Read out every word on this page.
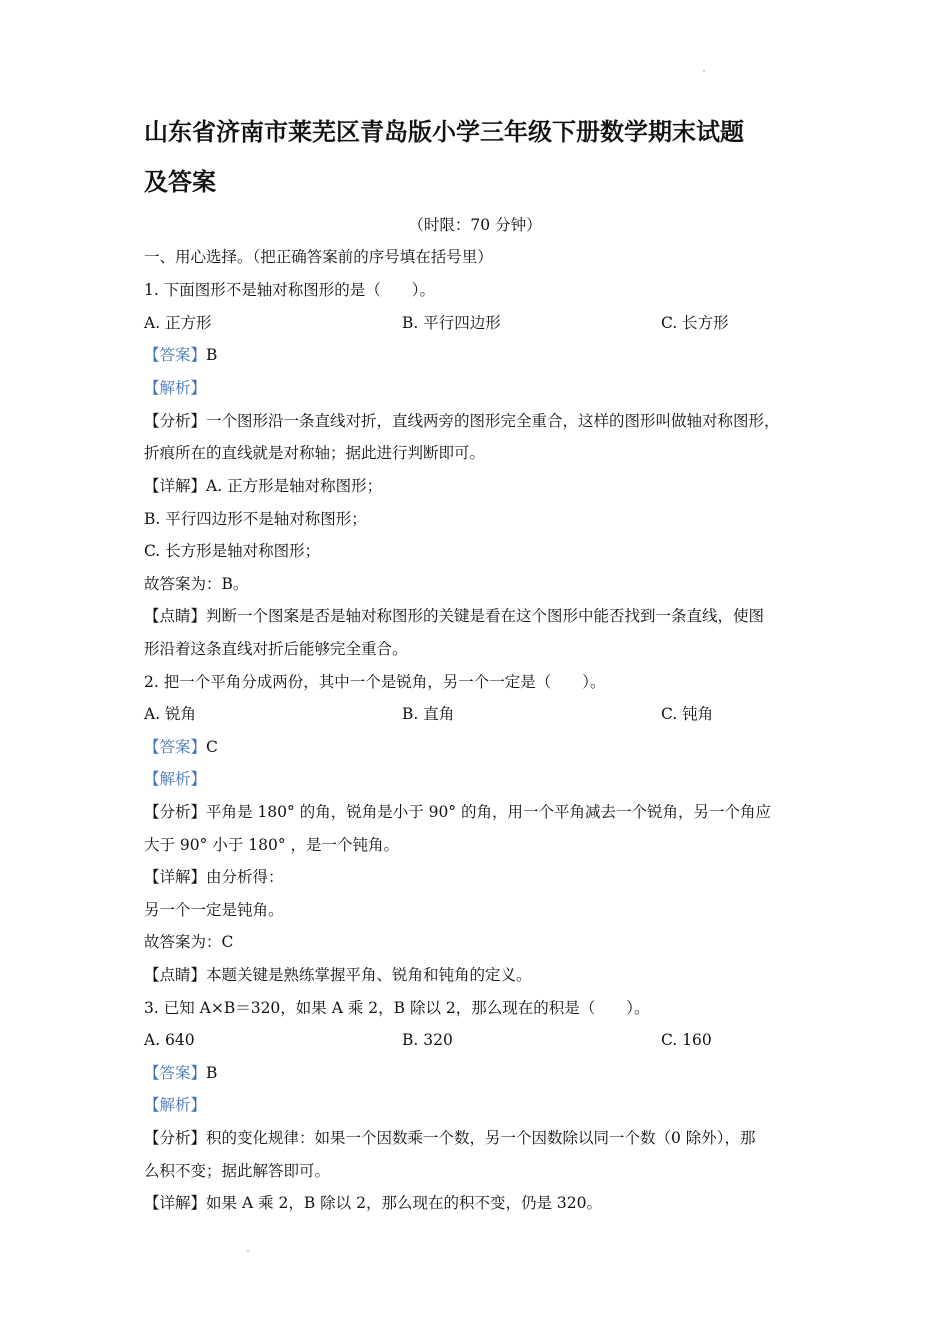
山东省济南市莱芜区青岛版小学三年级下册数学期末试题
及答案
（时限：70 分钟）
一、用心选择。（把正确答案前的序号填在括号里）
1. 下面图形不是轴对称图形的是（　　）。
A. 正方形	B. 平行四边形	C. 长方形
【答案】B
【解析】
【分析】一个图形沿一条直线对折，直线两旁的图形完全重合，这样的图形叫做轴对称图形，
折痕所在的直线就是对称轴；据此进行判断即可。
【详解】A. 正方形是轴对称图形；
B. 平行四边形不是轴对称图形；
C. 长方形是轴对称图形；
故答案为：B。
【点睛】判断一个图案是否是轴对称图形的关键是看在这个图形中能否找到一条直线，使图
形沿着这条直线对折后能够完全重合。
2. 把一个平角分成两份，其中一个是锐角，另一个一定是（　　）。
A. 锐角	B. 直角	C. 钝角
【答案】C
【解析】
【分析】平角是 180° 的角，锐角是小于 90° 的角，用一个平角减去一个锐角，另一个角应
大于 90° 小于 180° ，是一个钝角。
【详解】由分析得：
另一个一定是钝角。
故答案为：C
【点睛】本题关键是熟练掌握平角、锐角和钝角的定义。
3. 已知 A×B＝320，如果 A 乘 2，B 除以 2，那么现在的积是（　　）。
A. 640	B. 320	C. 160
【答案】B
【解析】
【分析】积的变化规律：如果一个因数乘一个数，另一个因数除以同一个数（0 除外），那
么积不变；据此解答即可。
【详解】如果 A 乘 2，B 除以 2，那么现在的积不变，仍是 320。
